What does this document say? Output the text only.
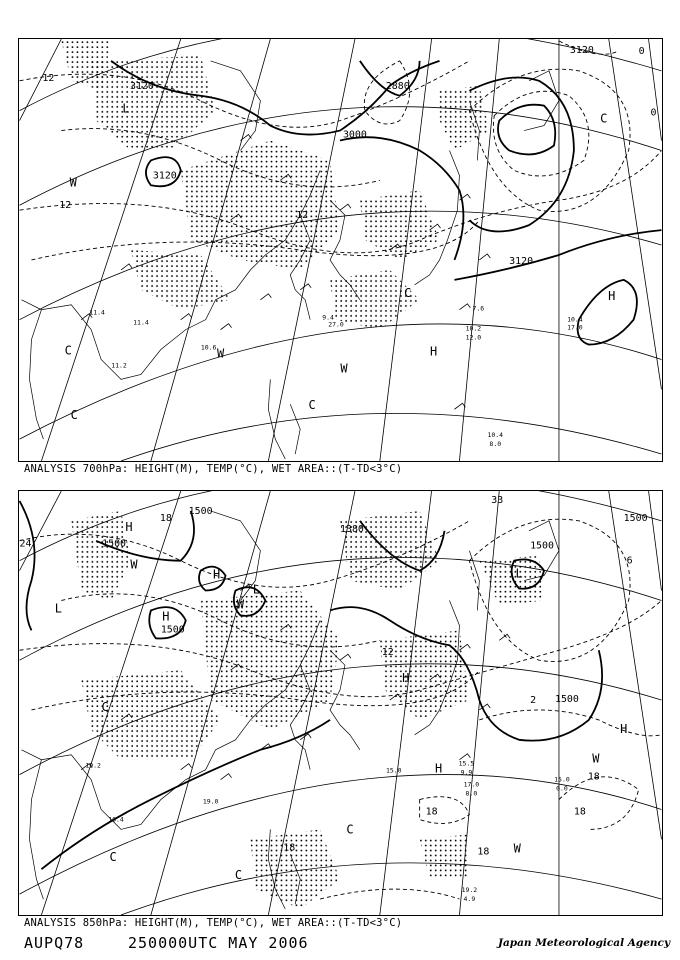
H
H
L
C
C
C
C
C
W
W
W
3120
3120
3120
3120
3000
2880
12
12
12
0
0
10.4
17.0
10.2
12.0
7.6
10.4
8.0
11.4
11.4
11.2
10.6
9.4
27.0
ANALYSIS 700hPa: HEIGHT(M), TEMP(°C), WET AREA::(T-TD<3°C)
H
H
H
H
H
H
L
L
L
C
C
C
C
W
W
W
W
1500
1500
1500
1500
1500
1500
1380
24
18
18
18
18
18
18
12
6
2
33
19.2
4.9
17.0
8.0
15.5
9.9
15.0
0.0
19.2
16.4
19.0
15.0
ANALYSIS 850hPa: HEIGHT(M), TEMP(°C), WET AREA::(T-TD<3°C)
AUPQ78	250000UTC MAY 2006	Japan Meteorological Agency
